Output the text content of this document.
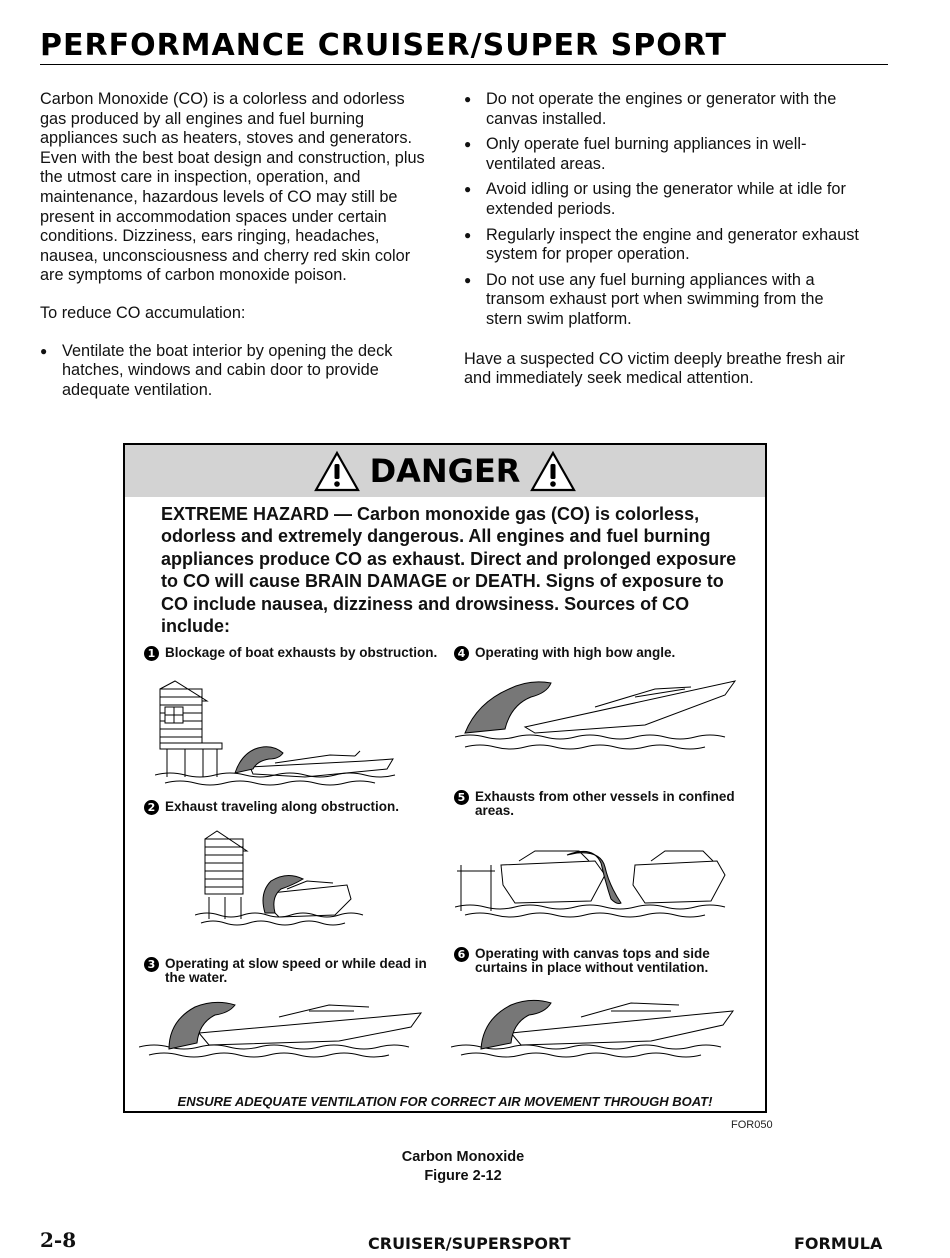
PERFORMANCE CRUISER/SUPER SPORT

Carbon Monoxide (CO) is a colorless and odorless gas produced by all engines and fuel burning appliances such as heaters, stoves and generators. Even with the best boat design and construction, plus the utmost care in inspection, operation, and maintenance, hazardous levels of CO may still be present in accommodation spaces under certain conditions. Dizziness, ears ringing, headaches, nausea, unconsciousness and cherry red skin color are symptoms of carbon monoxide poison.

To reduce CO accumulation:

● Ventilate the boat interior by opening the deck hatches, windows and cabin door to provide adequate ventilation.
● Do not operate the engines or generator with the canvas installed.
● Only operate fuel burning appliances in well-ventilated areas.
● Avoid idling or using the generator while at idle for extended periods.
● Regularly inspect the engine and generator exhaust system for proper operation.
● Do not use any fuel burning appliances with a transom exhaust port when swimming from the stern swim platform.

Have a suspected CO victim deeply breathe fresh air and immediately seek medical attention.

DANGER

EXTREME HAZARD — Carbon monoxide gas (CO) is colorless, odorless and extremely dangerous. All engines and fuel burning appliances produce CO as exhaust. Direct and prolonged exposure to CO will cause BRAIN DAMAGE or DEATH. Signs of exposure to CO include nausea, dizziness and drowsiness. Sources of CO include:

1 Blockage of boat exhausts by obstruction.
2 Exhaust traveling along obstruction.
3 Operating at slow speed or while dead in the water.
4 Operating with high bow angle.
5 Exhausts from other vessels in confined areas.
6 Operating with canvas tops and side curtains in place without ventilation.

ENSURE ADEQUATE VENTILATION FOR CORRECT AIR MOVEMENT THROUGH BOAT!

FOR050
Carbon Monoxide
Figure 2-12
2-8	CRUISER/SUPERSPORT	FORMULA
